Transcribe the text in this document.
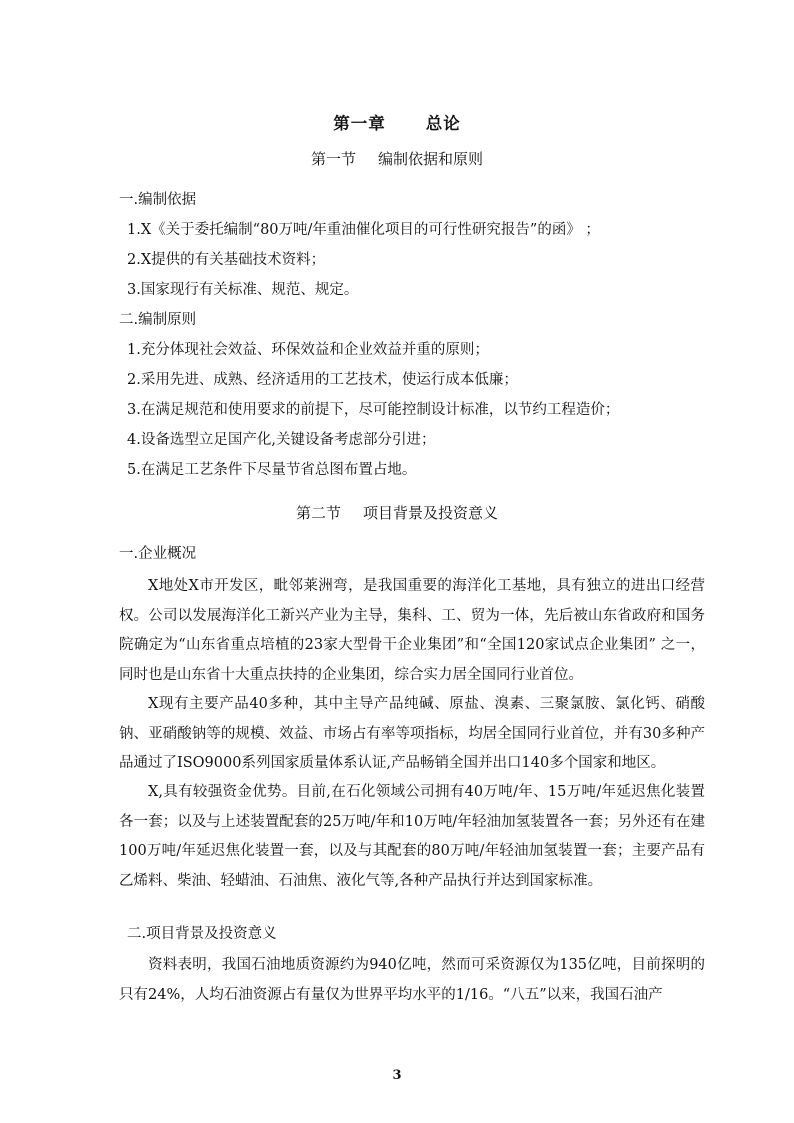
第一章 总论
第一节 编制依据和原则
一.编制依据
1.X《关于委托编制“80万吨/年重油催化项目的可行性研究报告”的函》 ；
2.X提供的有关基础技术资料；
3.国家现行有关标准、规范、规定。
二.编制原则
1.充分体现社会效益、环保效益和企业效益并重的原则；
2.采用先进、成熟、经济适用的工艺技术，使运行成本低廉；
3.在满足规范和使用要求的前提下，尽可能控制设计标准，以节约工程造价；
4.设备选型立足国产化,关键设备考虑部分引进；
5.在满足工艺条件下尽量节省总图布置占地。
第二节 项目背景及投资意义
一.企业概况
X地处X市开发区，毗邻莱洲弯，是我国重要的海洋化工基地，具有独立的进出口经营权。公司以发展海洋化工新兴产业为主导，集科、工、贸为一体，先后被山东省政府和国务院确定为“山东省重点培植的23家大型骨干企业集团”和“全国120家试点企业集团” 之一，同时也是山东省十大重点扶持的企业集团，综合实力居全国同行业首位。
X现有主要产品40多种，其中主导产品纯碱、原盐、溴素、三聚氯胺、氯化钙、硝酸钠、亚硝酸钠等的规模、效益、市场占有率等项指标，均居全国同行业首位，并有30多种产品通过了ISO9000系列国家质量体系认证,产品畅销全国并出口140多个国家和地区。
X,具有较强资金优势。目前,在石化领域公司拥有40万吨/年、15万吨/年延迟焦化装置各一套；以及与上述装置配套的25万吨/年和10万吨/年轻油加氢装置各一套；另外还有在建100万吨/年延迟焦化装置一套，以及与其配套的80万吨/年轻油加氢装置一套；主要产品有乙烯料、柴油、轻蜡油、石油焦、液化气等,各种产品执行并达到国家标准。
二.项目背景及投资意义
资料表明，我国石油地质资源约为940亿吨，然而可采资源仅为135亿吨，目前探明的只有24%，人均石油资源占有量仅为世界平均水平的1/16。“八五”以来，我国石油产
3
